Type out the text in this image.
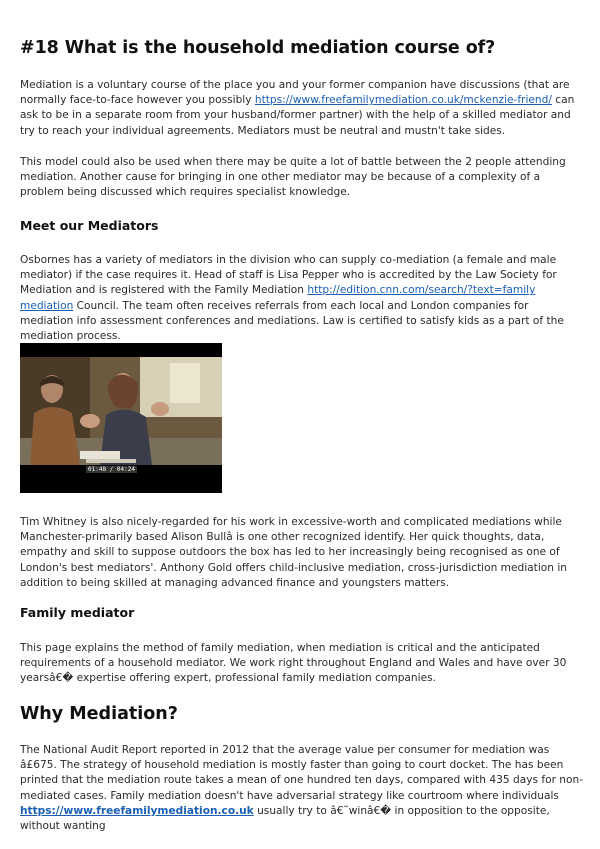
#18 What is the household mediation course of?

Mediation is a voluntary course of the place you and your former companion have discussions (that are normally face-to-face however you possibly https://www.freefamilymediation.co.uk/mckenzie-friend/ can ask to be in a separate room from your husband/former partner) with the help of a skilled mediator and try to reach your individual agreements. Mediators must be neutral and mustn't take sides.

This model could also be used when there may be quite a lot of battle between the 2 people attending mediation. Another cause for bringing in one other mediator may be because of a complexity of a problem being discussed which requires specialist knowledge.

Meet our Mediators

Osbornes has a variety of mediators in the division who can supply co-mediation (a female and male mediator) if the case requires it. Head of staff is Lisa Pepper who is accredited by the Law Society for Mediation and is registered with the Family Mediation http://edition.cnn.com/search/?text=family mediation Council. The team often receives referrals from each local and London companies for mediation info assessment conferences and mediations. Law is certified to satisfy kids as a part of the mediation process.

01:48 / 04:24

Tim Whitney is also nicely-regarded for his work in excessive-worth and complicated mediations while Manchester-primarily based Alison Bullâ is one other recognized identify. Her quick thoughts, data, empathy and skill to suppose outdoors the box has led to her increasingly being recognised as one of London's best mediators'. Anthony Gold offers child-inclusive mediation, cross-jurisdiction mediation in addition to being skilled at managing advanced finance and youngsters matters.

Family mediator

This page explains the method of family mediation, when mediation is critical and the anticipated requirements of a household mediator. We work right throughout England and Wales and have over 30 yearsâ€� expertise offering expert, professional family mediation companies.

Why Mediation?

The National Audit Report reported in 2012 that the average value per consumer for mediation was â£675. The strategy of household mediation is mostly faster than going to court docket. The has been printed that the mediation route takes a mean of one hundred ten days, compared with 435 days for non- mediated cases. Family mediation doesn't have adversarial strategy like courtroom where individuals https://www.freefamilymediation.co.uk usually try to â€˜winâ€� in opposition to the opposite, without wanting
